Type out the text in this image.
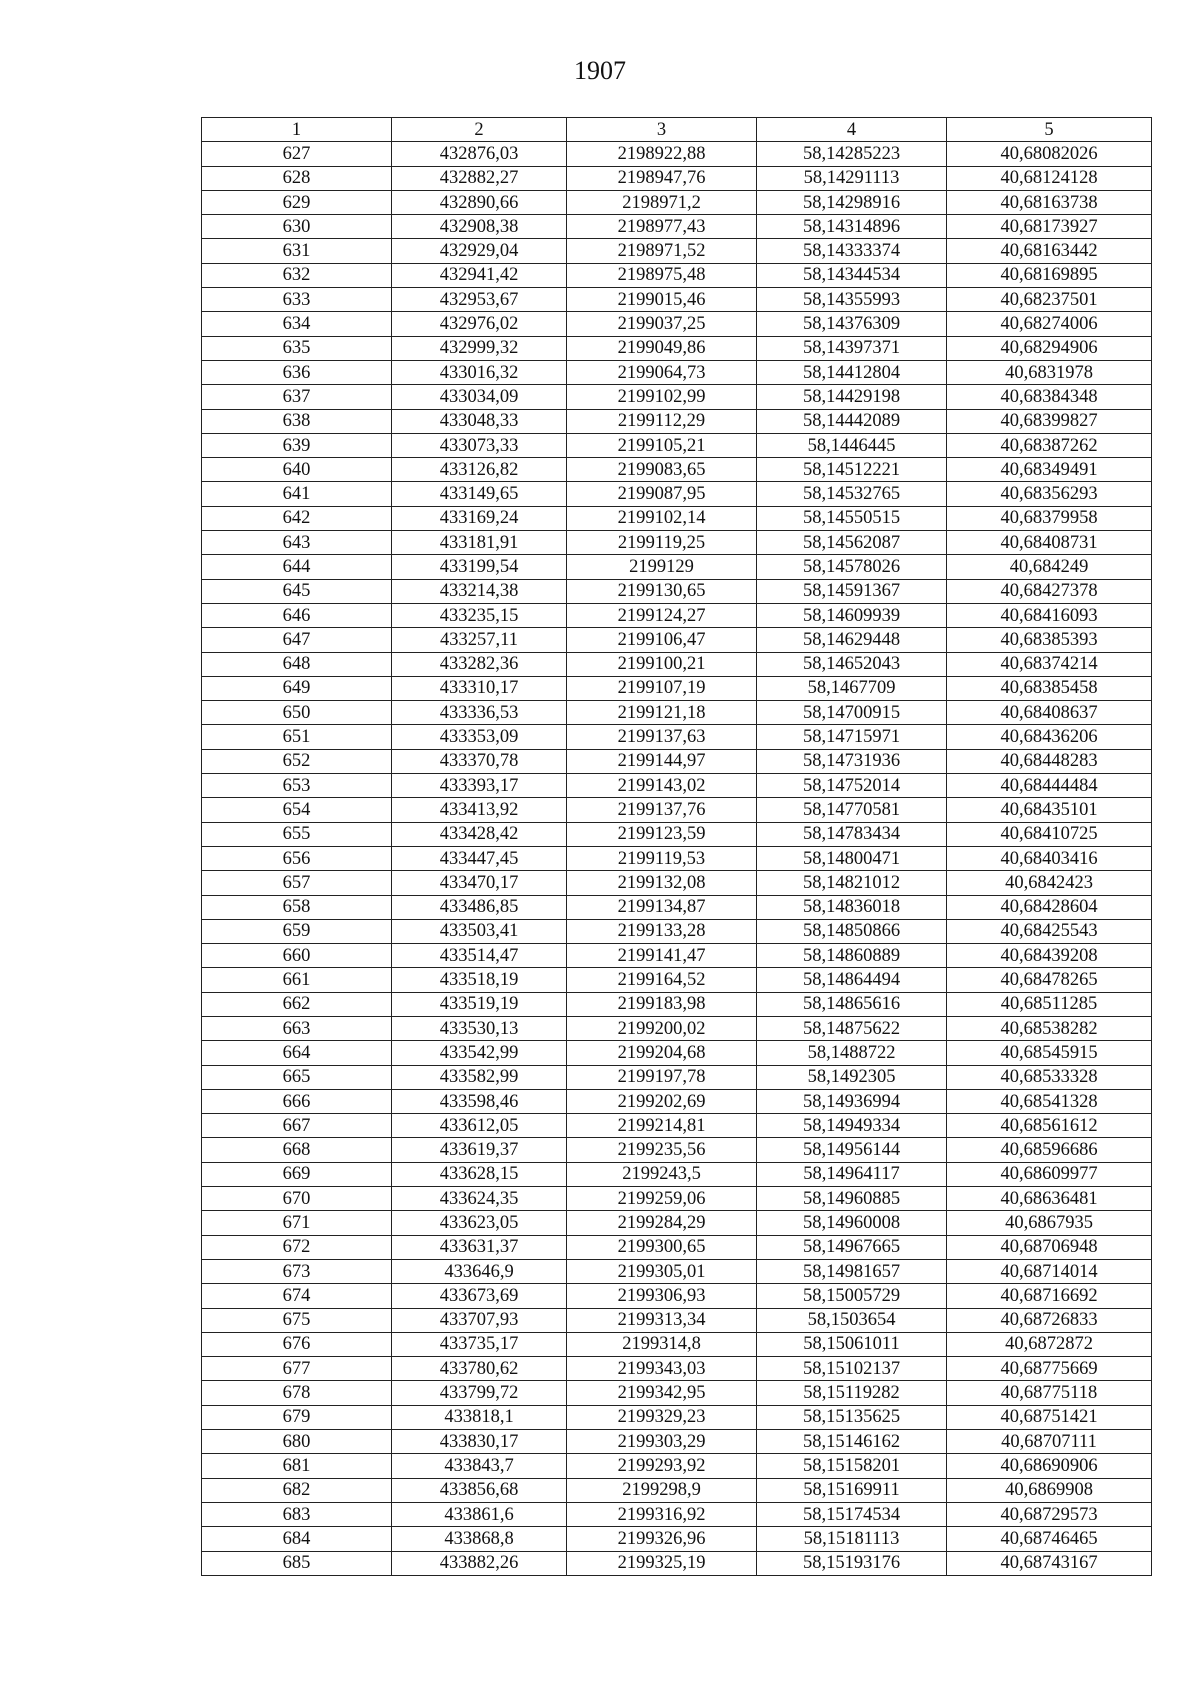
1907
1	2	3	4	5
627	432876,03	2198922,88	58,14285223	40,68082026
628	432882,27	2198947,76	58,14291113	40,68124128
629	432890,66	2198971,2	58,14298916	40,68163738
630	432908,38	2198977,43	58,14314896	40,68173927
631	432929,04	2198971,52	58,14333374	40,68163442
632	432941,42	2198975,48	58,14344534	40,68169895
633	432953,67	2199015,46	58,14355993	40,68237501
634	432976,02	2199037,25	58,14376309	40,68274006
635	432999,32	2199049,86	58,14397371	40,68294906
636	433016,32	2199064,73	58,14412804	40,6831978
637	433034,09	2199102,99	58,14429198	40,68384348
638	433048,33	2199112,29	58,14442089	40,68399827
639	433073,33	2199105,21	58,1446445	40,68387262
640	433126,82	2199083,65	58,14512221	40,68349491
641	433149,65	2199087,95	58,14532765	40,68356293
642	433169,24	2199102,14	58,14550515	40,68379958
643	433181,91	2199119,25	58,14562087	40,68408731
644	433199,54	2199129	58,14578026	40,684249
645	433214,38	2199130,65	58,14591367	40,68427378
646	433235,15	2199124,27	58,14609939	40,68416093
647	433257,11	2199106,47	58,14629448	40,68385393
648	433282,36	2199100,21	58,14652043	40,68374214
649	433310,17	2199107,19	58,1467709	40,68385458
650	433336,53	2199121,18	58,14700915	40,68408637
651	433353,09	2199137,63	58,14715971	40,68436206
652	433370,78	2199144,97	58,14731936	40,68448283
653	433393,17	2199143,02	58,14752014	40,68444484
654	433413,92	2199137,76	58,14770581	40,68435101
655	433428,42	2199123,59	58,14783434	40,68410725
656	433447,45	2199119,53	58,14800471	40,68403416
657	433470,17	2199132,08	58,14821012	40,6842423
658	433486,85	2199134,87	58,14836018	40,68428604
659	433503,41	2199133,28	58,14850866	40,68425543
660	433514,47	2199141,47	58,14860889	40,68439208
661	433518,19	2199164,52	58,14864494	40,68478265
662	433519,19	2199183,98	58,14865616	40,68511285
663	433530,13	2199200,02	58,14875622	40,68538282
664	433542,99	2199204,68	58,1488722	40,68545915
665	433582,99	2199197,78	58,1492305	40,68533328
666	433598,46	2199202,69	58,14936994	40,68541328
667	433612,05	2199214,81	58,14949334	40,68561612
668	433619,37	2199235,56	58,14956144	40,68596686
669	433628,15	2199243,5	58,14964117	40,68609977
670	433624,35	2199259,06	58,14960885	40,68636481
671	433623,05	2199284,29	58,14960008	40,6867935
672	433631,37	2199300,65	58,14967665	40,68706948
673	433646,9	2199305,01	58,14981657	40,68714014
674	433673,69	2199306,93	58,15005729	40,68716692
675	433707,93	2199313,34	58,1503654	40,68726833
676	433735,17	2199314,8	58,15061011	40,6872872
677	433780,62	2199343,03	58,15102137	40,68775669
678	433799,72	2199342,95	58,15119282	40,68775118
679	433818,1	2199329,23	58,15135625	40,68751421
680	433830,17	2199303,29	58,15146162	40,68707111
681	433843,7	2199293,92	58,15158201	40,68690906
682	433856,68	2199298,9	58,15169911	40,6869908
683	433861,6	2199316,92	58,15174534	40,68729573
684	433868,8	2199326,96	58,15181113	40,68746465
685	433882,26	2199325,19	58,15193176	40,68743167
